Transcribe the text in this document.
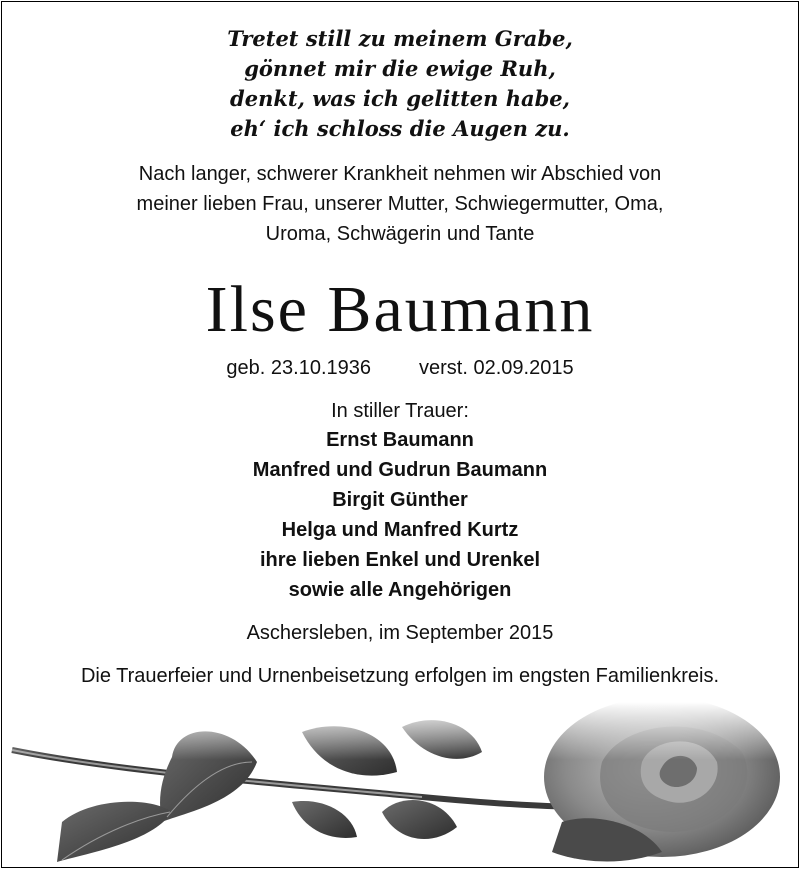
Tretet still zu meinem Grabe,
gönnet mir die ewige Ruh,
denkt, was ich gelitten habe,
eh‘ ich schloss die Augen zu.
Nach langer, schwerer Krankheit nehmen wir Abschied von
meiner lieben Frau, unserer Mutter, Schwiegermutter, Oma,
Uroma, Schwägerin und Tante
Ilse Baumann
geb. 23.10.1936 verst. 02.09.2015
In stiller Trauer:
Ernst Baumann
Manfred und Gudrun Baumann
Birgit Günther
Helga und Manfred Kurtz
ihre lieben Enkel und Urenkel
sowie alle Angehörigen
Aschersleben, im September 2015
Die Trauerfeier und Urnenbeisetzung erfolgen im engsten Familienkreis.
